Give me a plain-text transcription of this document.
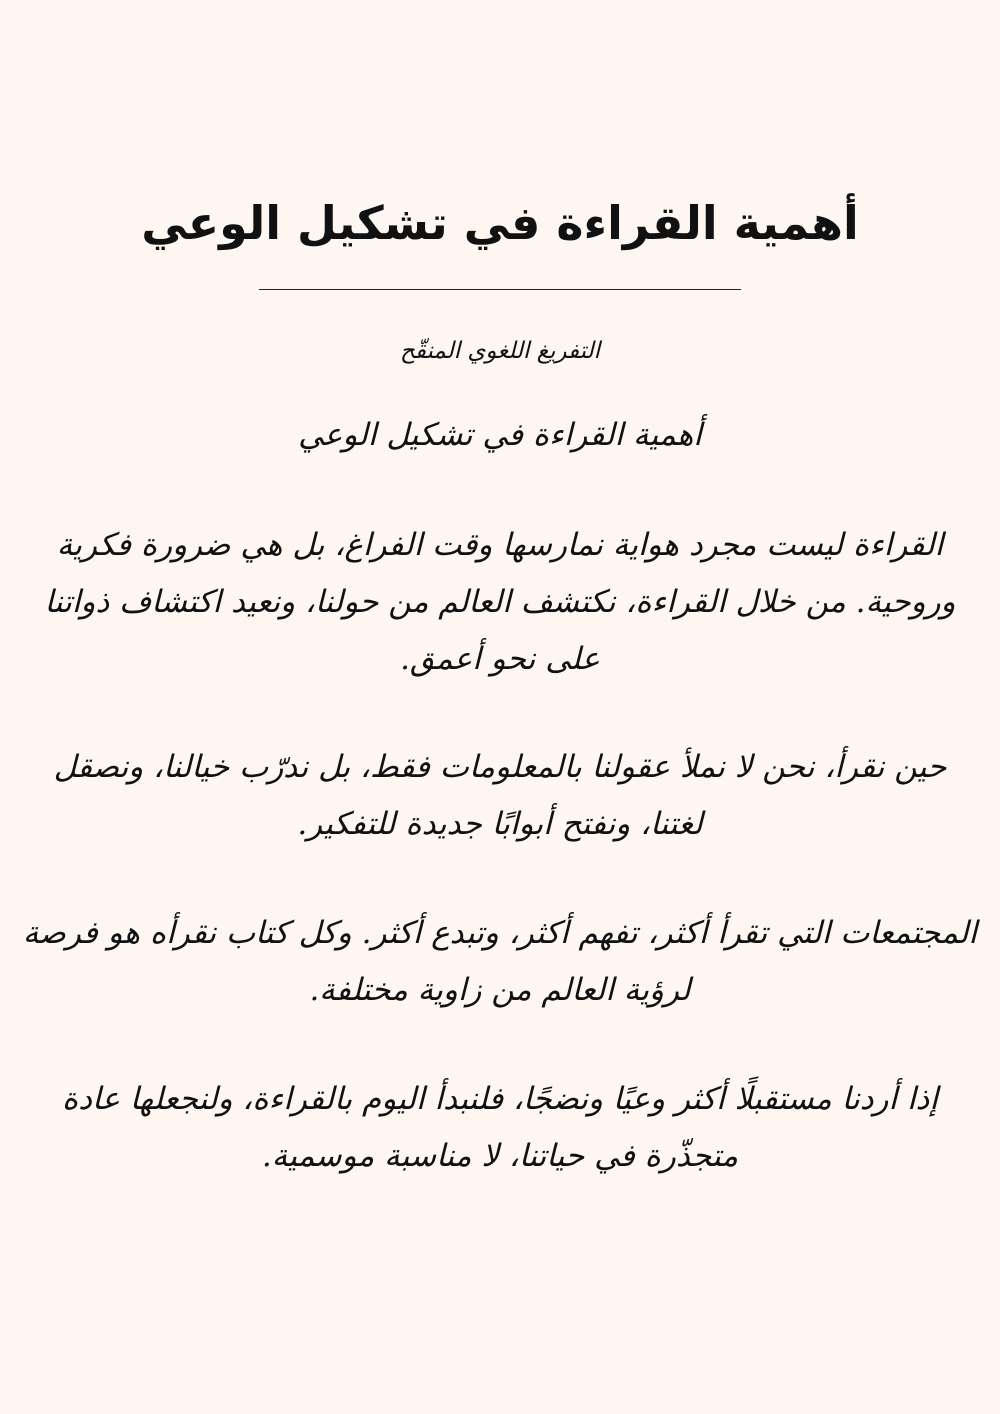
أهمية القراءة في تشكيل الوعي
التفريغ اللغوي المنقّح
أهمية القراءة في تشكيل الوعي

القراءة ليست مجرد هواية نمارسها وقت الفراغ، بل هي ضرورة فكرية وروحية. من خلال القراءة، نكتشف العالم من حولنا، ونعيد اكتشاف ذواتنا على نحو أعمق.

حين نقرأ، نحن لا نملأ عقولنا بالمعلومات فقط، بل ندرّب خيالنا، ونصقل لغتنا، ونفتح أبوابًا جديدة للتفكير.

المجتمعات التي تقرأ أكثر، تفهم أكثر، وتبدع أكثر. وكل كتاب نقرأه هو فرصة لرؤية العالم من زاوية مختلفة.

إذا أردنا مستقبلًا أكثر وعيًا ونضجًا، فلنبدأ اليوم بالقراءة، ولنجعلها عادة متجذّرة في حياتنا، لا مناسبة موسمية.
